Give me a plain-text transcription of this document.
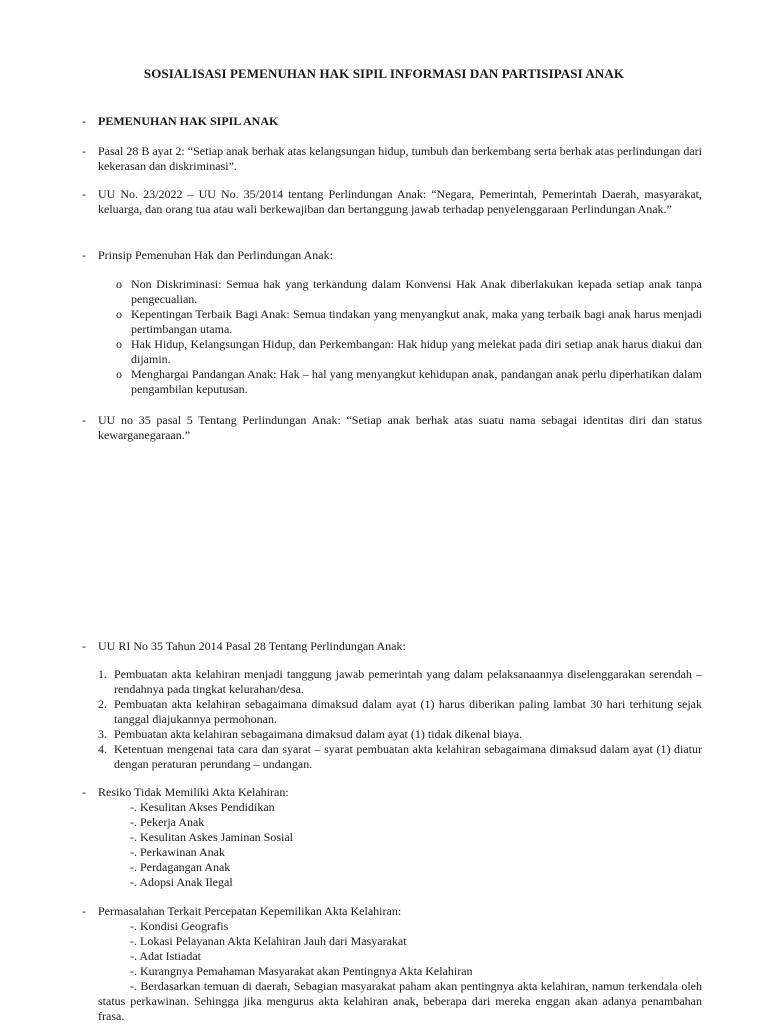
SOSIALISASI PEMENUHAN HAK SIPIL INFORMASI DAN PARTISIPASI ANAK
- PEMENUHAN HAK SIPIL ANAK
- Pasal 28 B ayat 2: “Setiap anak berhak atas kelangsungan hidup, tumbuh dan berkembang serta berhak atas perlindungan dari kekerasan dan diskriminasi”.
- UU No. 23/2022 – UU No. 35/2014 tentang Perlindungan Anak: “Negara, Pemerintah, Pemerintah Daerah, masyarakat, keluarga, dan orang tua atau wali berkewajiban dan bertanggung jawab terhadap penyelenggaraan Perlindungan Anak.”
- Prinsip Pemenuhan Hak dan Perlindungan Anak:
o Non Diskriminasi: Semua hak yang terkandung dalam Konvensi Hak Anak diberlakukan kepada setiap anak tanpa pengecualian.
o Kepentingan Terbaik Bagi Anak: Semua tindakan yang menyangkut anak, maka yang terbaik bagi anak harus menjadi pertimbangan utama.
o Hak Hidup, Kelangsungan Hidup, dan Perkembangan: Hak hidup yang melekat pada diri setiap anak harus diakui dan dijamin.
o Menghargai Pandangan Anak: Hak – hal yang menyangkut kehidupan anak, pandangan anak perlu diperhatikan dalam pengambilan keputusan.
- UU no 35 pasal 5 Tentang Perlindungan Anak: “Setiap anak berhak atas suatu nama sebagai identitas diri dan status kewarganegaraan.”
- UU RI No 35 Tahun 2014 Pasal 28 Tentang Perlindungan Anak:
1. Pembuatan akta kelahiran menjadi tanggung jawab pemerintah yang dalam pelaksanaannya diselenggarakan serendah – rendahnya pada tingkat kelurahan/desa.
2. Pembuatan akta kelahiran sebagaimana dimaksud dalam ayat (1) harus diberikan paling lambat 30 hari terhitung sejak tanggal diajukannya permohonan.
3. Pembuatan akta kelahiran sebagaimana dimaksud dalam ayat (1) tidak dikenal biaya.
4. Ketentuan mengenai tata cara dan syarat – syarat pembuatan akta kelahiran sebagaimana dimaksud dalam ayat (1) diatur dengan peraturan perundang – undangan.
- Resiko Tidak Memiliki Akta Kelahiran:
-. Kesulitan Akses Pendidikan
-. Pekerja Anak
-. Kesulitan Askes Jaminan Sosial
-. Perkawinan Anak
-. Perdagangan Anak
-. Adopsi Anak Ilegal
- Permasalahan Terkait Percepatan Kepemilikan Akta Kelahiran:
-. Kondisi Geografis
-. Lokasi Pelayanan Akta Kelahiran Jauh dari Masyarakat
-. Adat Istiadat
-. Kurangnya Pemahaman Masyarakat akan Pentingnya Akta Kelahiran
-. Berdasarkan temuan di daerah, Sebagian masyarakat paham akan pentingnya akta kelahiran, namun terkendala oleh status perkawinan. Sehingga jika mengurus akta kelahiran anak, beberapa dari mereka enggan akan adanya penambahan frasa.
